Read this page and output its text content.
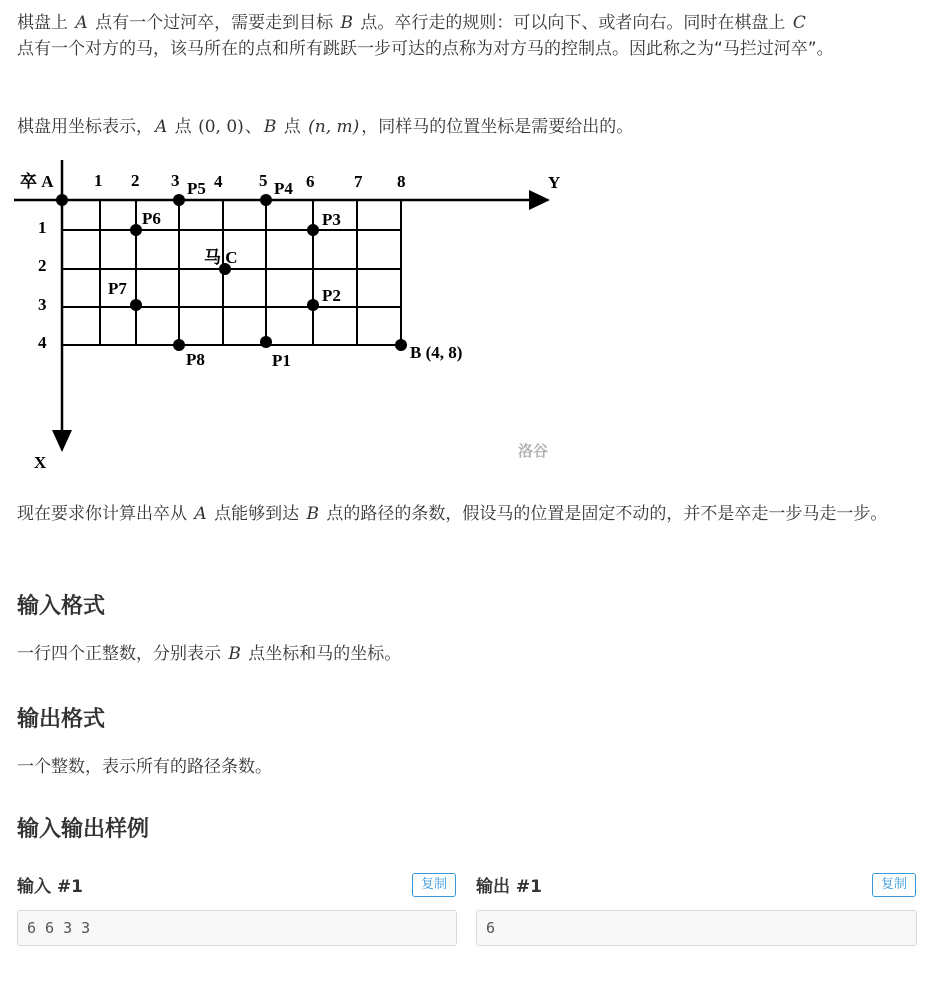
棋盘上 A 点有一个过河卒，需要走到目标 B 点。卒行走的规则：可以向下、或者向右。同时在棋盘上 C
点有一个对方的马，该马所在的点和所有跳跃一步可达的点称为对方马的控制点。因此称之为“马拦过河卒”。

棋盘用坐标表示， A 点 (0, 0)、 B 点 (n, m) ，同样马的位置坐标是需要给出的。

卒 A	Y
X
1 2 3 4 5 6 7 8
1
2
3
4
P1
P2
P3
P4
P5
P6
P7
P8
马 C
B (4, 8)
洛谷

现在要求你计算出卒从 A 点能够到达 B 点的路径的条数，假设马的位置是固定不动的，并不是卒走一步马走一步。

输入格式

一行四个正整数，分别表示 B 点坐标和马的坐标。

输出格式

一个整数，表示所有的路径条数。

输入输出样例
输入 #1	复制
6 6 3 3
输出 #1	复制
6
